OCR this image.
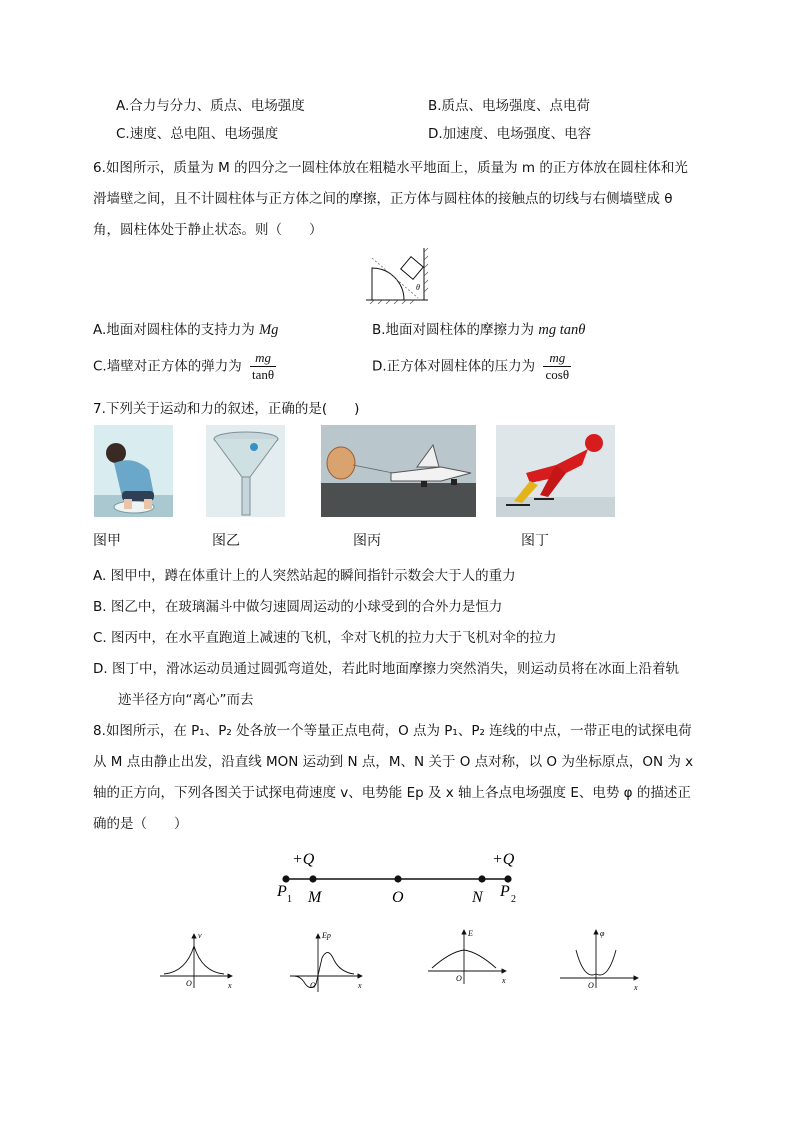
A.合力与分力、质点、电场强度	B.质点、电场强度、点电荷
C.速度、总电阻、电场强度	D.加速度、电场强度、电容
6.如图所示，质量为 M 的四分之一圆柱体放在粗糙水平地面上，质量为 m 的正方体放在圆柱体和光
滑墙壁之间，且不计圆柱体与正方体之间的摩擦，正方体与圆柱体的接触点的切线与右侧墙壁成 θ
角，圆柱体处于静止状态。则（　　）
θ
A.地面对圆柱体的支持力为 Mg	B.地面对圆柱体的摩擦力为 mg tanθ
C.墙壁对正方体的弹力为 $\frac{mg}{\tan\theta}$	D.正方体对圆柱体的压力为 $\frac{mg}{\cos\theta}$
7.下列关于运动和力的叙述，正确的是(　　)
图甲	图乙	图丙	图丁
A. 图甲中，蹲在体重计上的人突然站起的瞬间指针示数会大于人的重力
B. 图乙中，在玻璃漏斗中做匀速圆周运动的小球受到的合外力是恒力
C. 图丙中，在水平直跑道上减速的飞机，伞对飞机的拉力大于飞机对伞的拉力
D. 图丁中，滑冰运动员通过圆弧弯道处，若此时地面摩擦力突然消失，则运动员将在冰面上沿着轨
迹半径方向“离心”而去
8.如图所示，在 P₁、P₂ 处各放一个等量正点电荷，O 点为 P₁、P₂ 连线的中点，一带正电的试探电荷
从 M 点由静止出发，沿直线 MON 运动到 N 点，M、N 关于 O 点对称，以 O 为坐标原点，ON 为 x
轴的正方向，下列各图关于试探电荷速度 v、电势能 Ep 及 x 轴上各点电场强度 E、电势 φ 的描述正
确的是（　　）
+Q	+Q
P M	O	N P
1	2
v
x
O
Ep
x
O
E
x
O
φ
x
O
